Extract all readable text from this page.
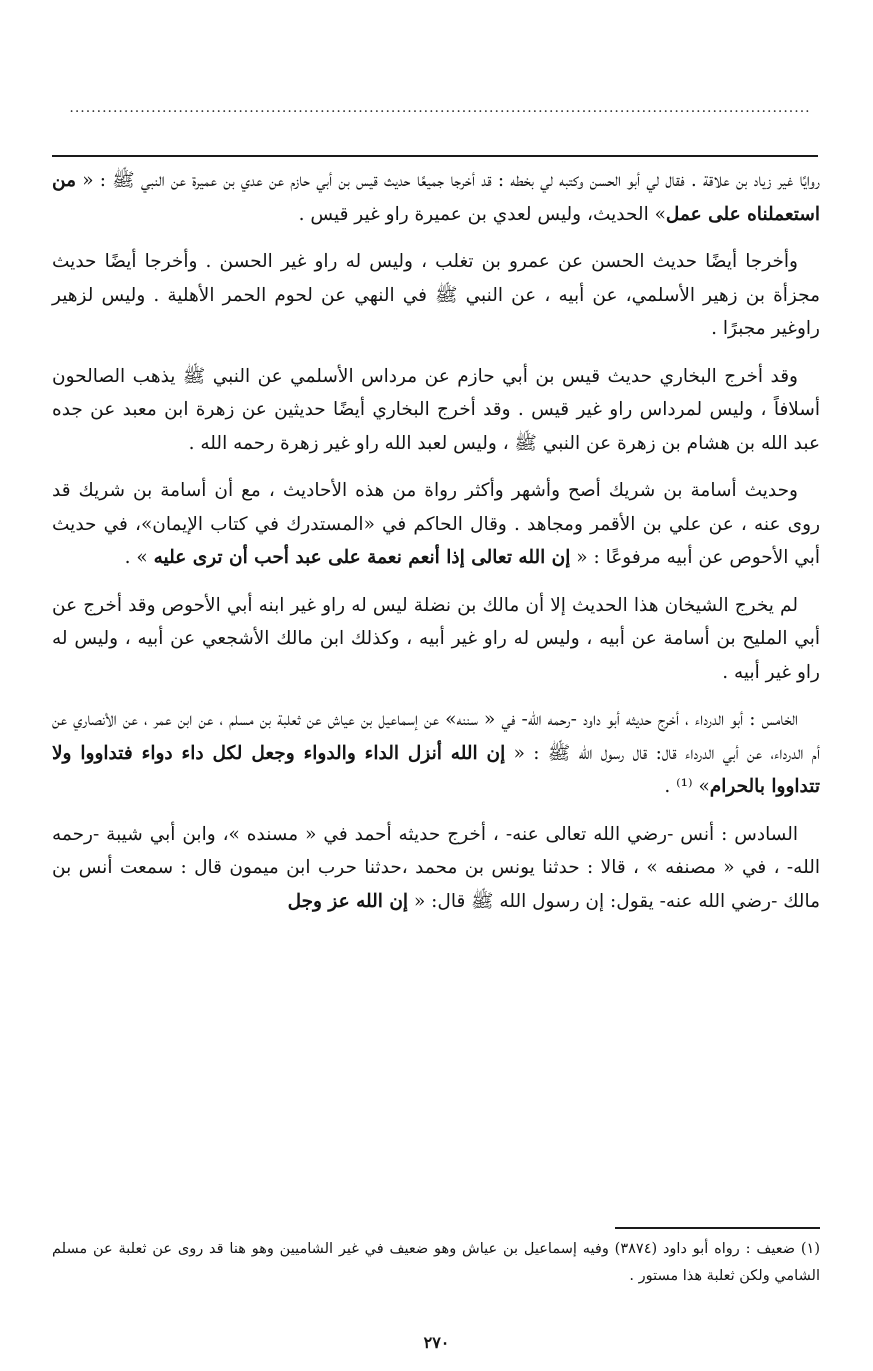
........................................................................................................................................

روايًا غير زياد بن علاقة . فقال لي أبو الحسن وكتبه لي بخطه : قد أخرجا جميعًا حديث قيس بن أبي حازم عن عدي بن عميرة عن النبي ﷺ : « من استعملناه على عمل» الحديث، وليس لعدي بن عميرة راو غير قيس .

وأخرجا أيضًا حديث الحسن عن عمرو بن تغلب ، وليس له راو غير الحسن . وأخرجا أيضًا حديث مجزأة بن زهير الأسلمي، عن أبيه ، عن النبي ﷺ في النهي عن لحوم الحمر الأهلية . وليس لزهير راوغير مجبرًا .

وقد أخرج البخاري حديث قيس بن أبي حازم عن مرداس الأسلمي عن النبي ﷺ يذهب الصالحون أسلافاً ، وليس لمرداس راو غير قيس . وقد أخرج البخاري أيضًا حديثين عن زهرة ابن معبد عن جده عبد الله بن هشام بن زهرة عن النبي ﷺ ، وليس لعبد الله راو غير زهرة رحمه الله .

وحديث أسامة بن شريك أصح وأشهر وأكثر رواة من هذه الأحاديث ، مع أن أسامة بن شريك قد روى عنه ، عن علي بن الأقمر ومجاهد . وقال الحاكم في «المستدرك في كتاب الإيمان»، في حديث أبي الأحوص عن أبيه مرفوعًا : « إن الله تعالى إذا أنعم نعمة على عبد أحب أن ترى عليه » .

لم يخرج الشيخان هذا الحديث إلا أن مالك بن نضلة ليس له راو غير ابنه أبي الأحوص وقد أخرج عن أبي المليح بن أسامة عن أبيه ، وليس له راو غير أبيه ، وكذلك ابن مالك الأشجعي عن أبيه ، وليس له راو غير أبيه .

الخامس : أبو الدرداء ، أخرج حديثه أبو داود -رحمه الله- في « سننه» عن إسماعيل بن عياش عن ثعلبة بن مسلم ، عن ابن عمر ، عن الأنصاري عن أم الدرداء، عن أبي الدرداء قال: قال رسول الله ﷺ : « إن الله أنزل الداء والدواء وجعل لكل داء دواء فتداووا ولا تتداووا بالحرام» ⁽¹⁾ .

السادس : أنس -رضي الله تعالى عنه- ، أخرج حديثه أحمد في « مسنده »، وابن أبي شيبة -رحمه الله- ، في « مصنفه » ، قالا : حدثنا يونس بن محمد ،حدثنا حرب ابن ميمون قال : سمعت أنس بن مالك -رضي الله عنه- يقول: إن رسول الله ﷺ قال: « إن الله عز وجل

(١) ضعيف : رواه أبو داود (٣٨٧٤) وفيه إسماعيل بن عياش وهو ضعيف في غير الشاميين وهو هنا قد روى عن ثعلبة عن مسلم الشامي ولكن ثعلبة هذا مستور .

٢٧٠
